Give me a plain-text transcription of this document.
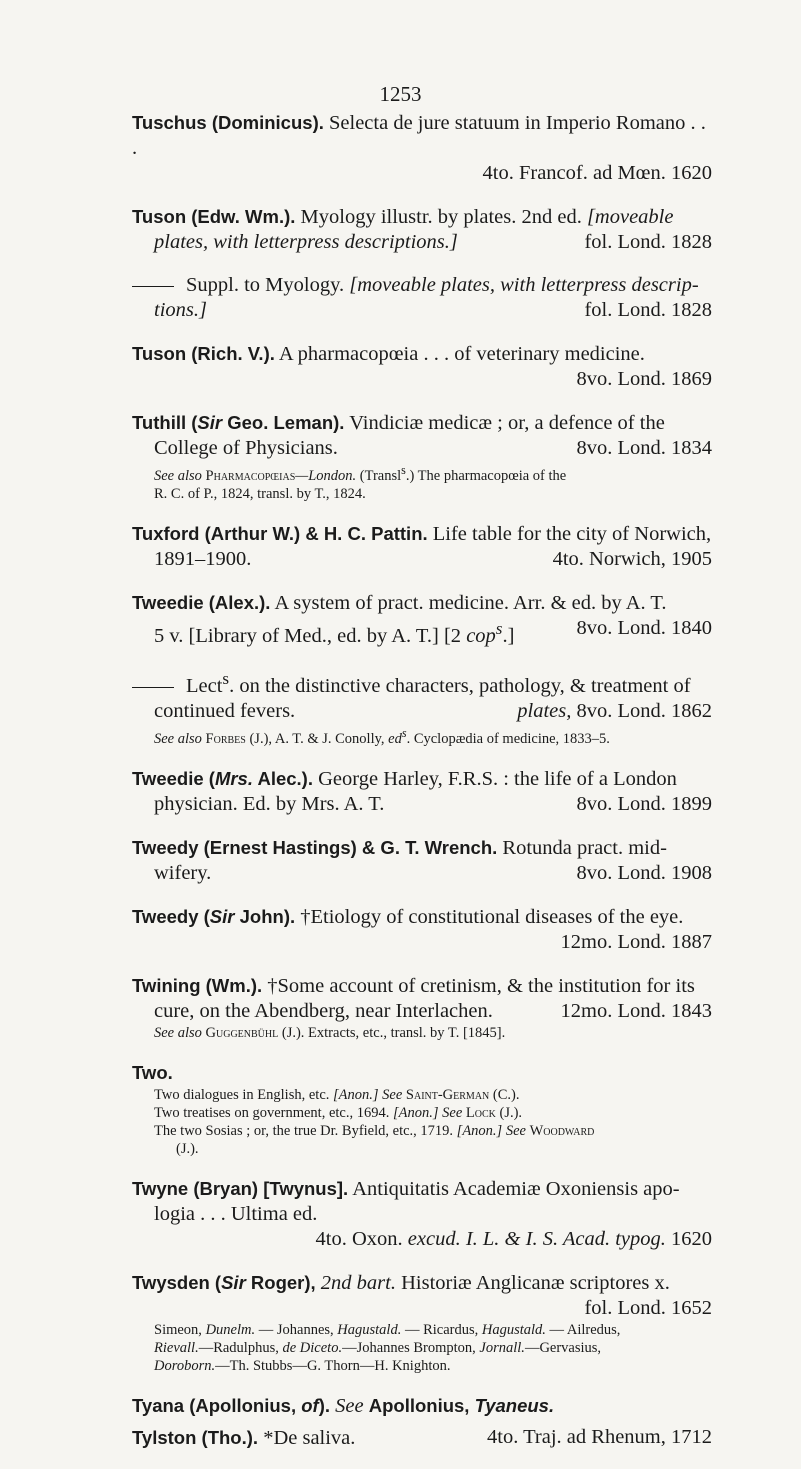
1253
Tuschus (Dominicus). Selecta de jure statuum in Imperio Romano . . .
4to. Francof. ad Mœn. 1620
Tuson (Edw. Wm.). Myology illustr. by plates. 2nd ed. [moveable
plates, with letterpress descriptions.]	fol. Lond. 1828
Suppl. to Myology. [moveable plates, with letterpress descrip-
tions.]	fol. Lond. 1828
Tuson (Rich. V.). A pharmacopœia . . . of veterinary medicine.
8vo. Lond. 1869
Tuthill (Sir Geo. Leman). Vindiciæ medicæ ; or, a defence of the
College of Physicians.	8vo. Lond. 1834
See also Pharmacopœias—London. (Transl$^s$.) The pharmacopœia of the
R. C. of P., 1824, transl. by T., 1824.
Tuxford (Arthur W.) & H. C. Pattin. Life table for the city of Norwich,
1891–1900.	4to. Norwich, 1905
Tweedie (Alex.). A system of pract. medicine. Arr. & ed. by A. T.
5 v. [Library of Med., ed. by A. T.] [2 cop$^s$.]	8vo. Lond. 1840
Lect$^s$. on the distinctive characters, pathology, & treatment of
continued fevers.	plates, 8vo. Lond. 1862
See also Forbes (J.), A. T. & J. Conolly, $ed^s$. Cyclopædia of medicine, 1833–5.
Tweedie (Mrs. Alec.). George Harley, F.R.S. : the life of a London
physician. Ed. by Mrs. A. T.	8vo. Lond. 1899
Tweedy (Ernest Hastings) & G. T. Wrench. Rotunda pract. mid-
wifery.	8vo. Lond. 1908
Tweedy (Sir John). †Etiology of constitutional diseases of the eye.
12mo. Lond. 1887
Twining (Wm.). †Some account of cretinism, & the institution for its
cure, on the Abendberg, near Interlachen.	12mo. Lond. 1843
See also Guggenbühl (J.). Extracts, etc., transl. by T. [1845].
Two.
Two dialogues in English, etc. [Anon.] See Saint-German (C.).
Two treatises on government, etc., 1694. [Anon.] See Lock (J.).
The two Sosias ; or, the true Dr. Byfield, etc., 1719. [Anon.] See Woodward
(J.).
Twyne (Bryan) [Twynus]. Antiquitatis Academiæ Oxoniensis apo-
logia . . . Ultima ed.
4to. Oxon. excud. I. L. & I. S. Acad. typog. 1620
Twysden (Sir Roger), 2nd bart. Historiæ Anglicanæ scriptores x.
fol. Lond. 1652
Simeon, Dunelm. — Johannes, Hagustald. — Ricardus, Hagustald. — Ailredus,
Rievall.—Radulphus, de Diceto.—Johannes Brompton, Jornall.—Gervasius,
Doroborn.—Th. Stubbs—G. Thorn—H. Knighton.
Tyana (Apollonius, of). See Apollonius, Tyaneus.
Tylston (Tho.). *De saliva.	4to. Traj. ad Rhenum, 1712
